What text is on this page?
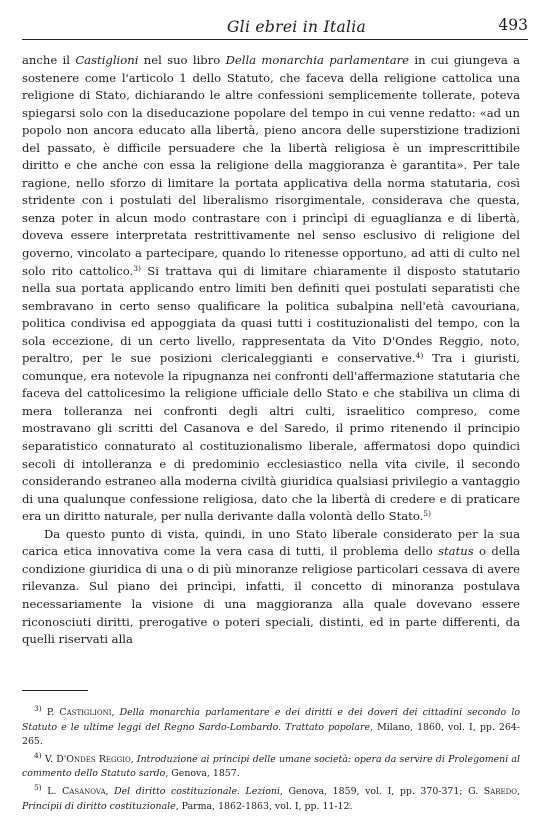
Gli ebrei in Italia	493

anche il Castiglioni nel suo libro Della monarchia parlamentare in cui giungeva a sostenere come l'articolo 1 dello Statuto, che faceva della religione cattolica una religione di Stato, dichiarando le altre confessioni semplicemente tollerate, poteva spiegarsi solo con la diseducazione popolare del tempo in cui venne redatto: «ad un popolo non ancora educato alla libertà, pieno ancora delle superstizione tradizioni del passato, è difficile persuadere che la libertà religiosa è un imprescrittibile diritto e che anche con essa la religione della maggioranza è garantita». Per tale ragione, nello sforzo di limitare la portata applicativa della norma statutaria, così stridente con i postulati del liberalismo risorgimentale, considerava che questa, senza poter in alcun modo contrastare con i princìpi di eguaglianza e di libertà, doveva essere interpretata restrittivamente nel senso esclusivo di religione del governo, vincolato a partecipare, quando lo ritenesse opportuno, ad atti di culto nel solo rito cattolico.$^{3)}$ Si trattava qui di limitare chiaramente il disposto statutario nella sua portata applicando entro limiti ben definiti quei postulati separatisti che sembravano in certo senso qualificare la politica subalpina nell'età cavouriana, politica condivisa ed appoggiata da quasi tutti i costituzionalisti del tempo, con la sola eccezione, di un certo livello, rappresentata da Vito D'Ondes Reggio, noto, peraltro, per le sue posizioni clericaleggianti e conservative.$^{4)}$ Tra i giuristi, comunque, era notevole la ripugnanza nei confronti dell'affermazione statutaria che faceva del cattolicesimo la religione ufficiale dello Stato e che stabiliva un clima di mera tolleranza nei confronti degli altri culti, israelitico compreso, come mostravano gli scritti del Casanova e del Saredo, il primo ritenendo il principio separatistico connaturato al costituzionalismo liberale, affermatosi dopo quindici secoli di intolleranza e di predominio ecclesiastico nella vita civile, il secondo considerando estraneo alla moderna civiltà giuridica qualsiasi privilegio a vantaggio di una qualunque confessione religiosa, dato che la libertà di credere e di praticare era un diritto naturale, per nulla derivante dalla volontà dello Stato.$^{5)}$

Da questo punto di vista, quindi, in uno Stato liberale considerato per la sua carica etica innovativa come la vera casa di tutti, il problema dello status o della condizione giuridica di una o di più minoranze religiose particolari cessava di avere rilevanza. Sul piano dei princìpi, infatti, il concetto di minoranza postulava necessariamente la visione di una maggioranza alla quale dovevano essere riconosciuti diritti, prerogative o poteri speciali, distinti, ed in parte differenti, da quelli riservati alla

$^{3)}$ P. Castiglioni, Della monarchia parlamentare e dei diritti e dei doveri dei cittadini secondo lo Statuto e le ultime leggi del Regno Sardo-Lombardo. Trattato popolare, Milano, 1860, vol. I, pp. 264-265.

$^{4)}$ V. D'Ondes Reggio, Introduzione ai principi delle umane società: opera da servire di Prolegomeni al commento dello Statuto sardo, Genova, 1857.

$^{5)}$ L. Casanova, Del diritto costituzionale. Lezioni, Genova, 1859, vol. I, pp. 370-371; G. Saredo, Principii di diritto costituzionale, Parma, 1862-1863, vol. I, pp. 11-12.
